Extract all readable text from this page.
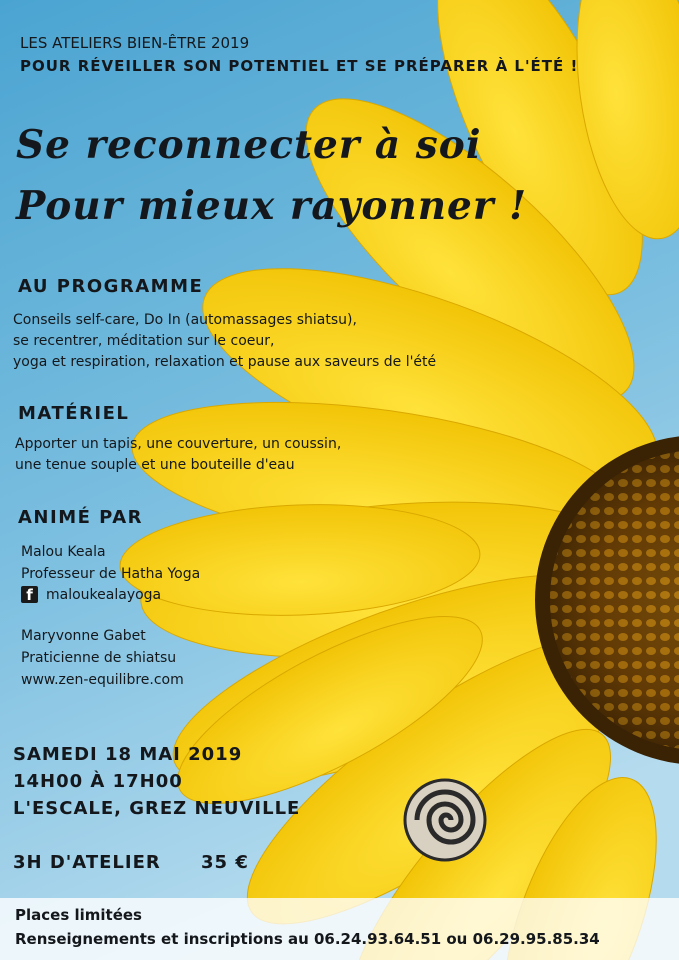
LES ATELIERS BIEN-ÊTRE 2019
POUR RÉVEILLER SON POTENTIEL ET SE PRÉPARER À L'ÉTÉ !
Se reconnecter à soi
Pour mieux rayonner !
AU PROGRAMME
Conseils self-care, Do In (automassages shiatsu),
se recentrer, méditation sur le coeur,
yoga et respiration, relaxation et pause aux saveurs de l'été
MATÉRIEL
Apporter un tapis, une couverture, un coussin,
une tenue souple et une bouteille d'eau
ANIMÉ PAR
Malou Keala
Professeur de Hatha Yoga
f maloukealayoga
Maryvonne Gabet
Praticienne de shiatsu
www.zen-equilibre.com
SAMEDI 18 MAI 2019
14H00 À 17H00
L'ESCALE, GREZ NEUVILLE
3H D'ATELIER 35 €
Places limitées
Renseignements et inscriptions au 06.24.93.64.51 ou 06.29.95.85.34
